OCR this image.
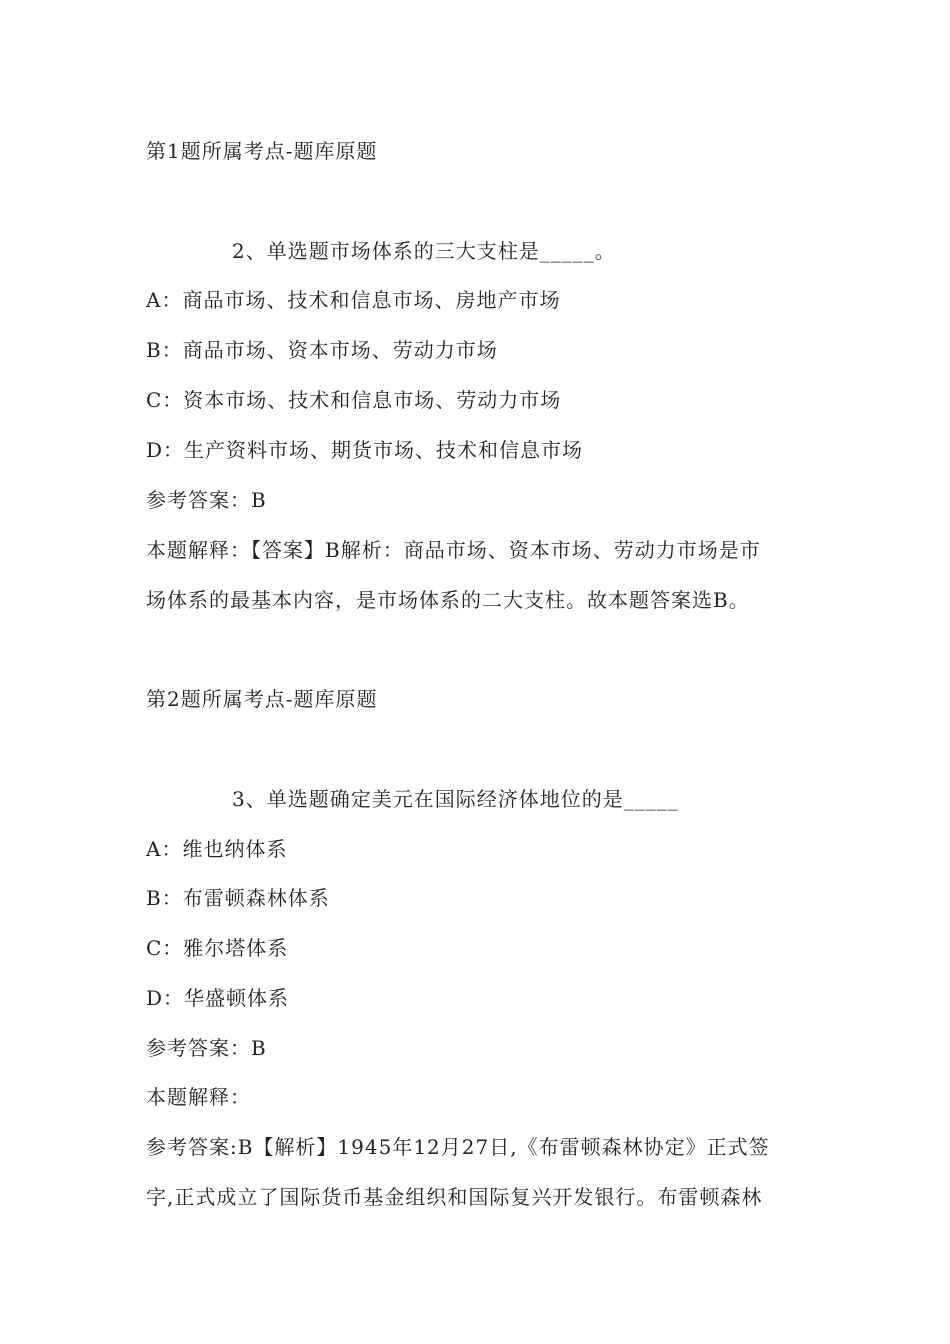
第1题所属考点-题库原题
2、单选题市场体系的三大支柱是_____。
A：商品市场、技术和信息市场、房地产市场
B：商品市场、资本市场、劳动力市场
C：资本市场、技术和信息市场、劳动力市场
D：生产资料市场、期货市场、技术和信息市场
参考答案：B
本题解释：【答案】B解析：商品市场、资本市场、劳动力市场是市
场体系的最基本内容，是市场体系的二大支柱。故本题答案选B。
第2题所属考点-题库原题
3、单选题确定美元在国际经济体地位的是_____
A：维也纳体系
B：布雷顿森林体系
C：雅尔塔体系
D：华盛顿体系
参考答案：B
本题解释：
参考答案:B【解析】1945年12月27日,《布雷顿森林协定》正式签
字,正式成立了国际货币基金组织和国际复兴开发银行。布雷顿森林
